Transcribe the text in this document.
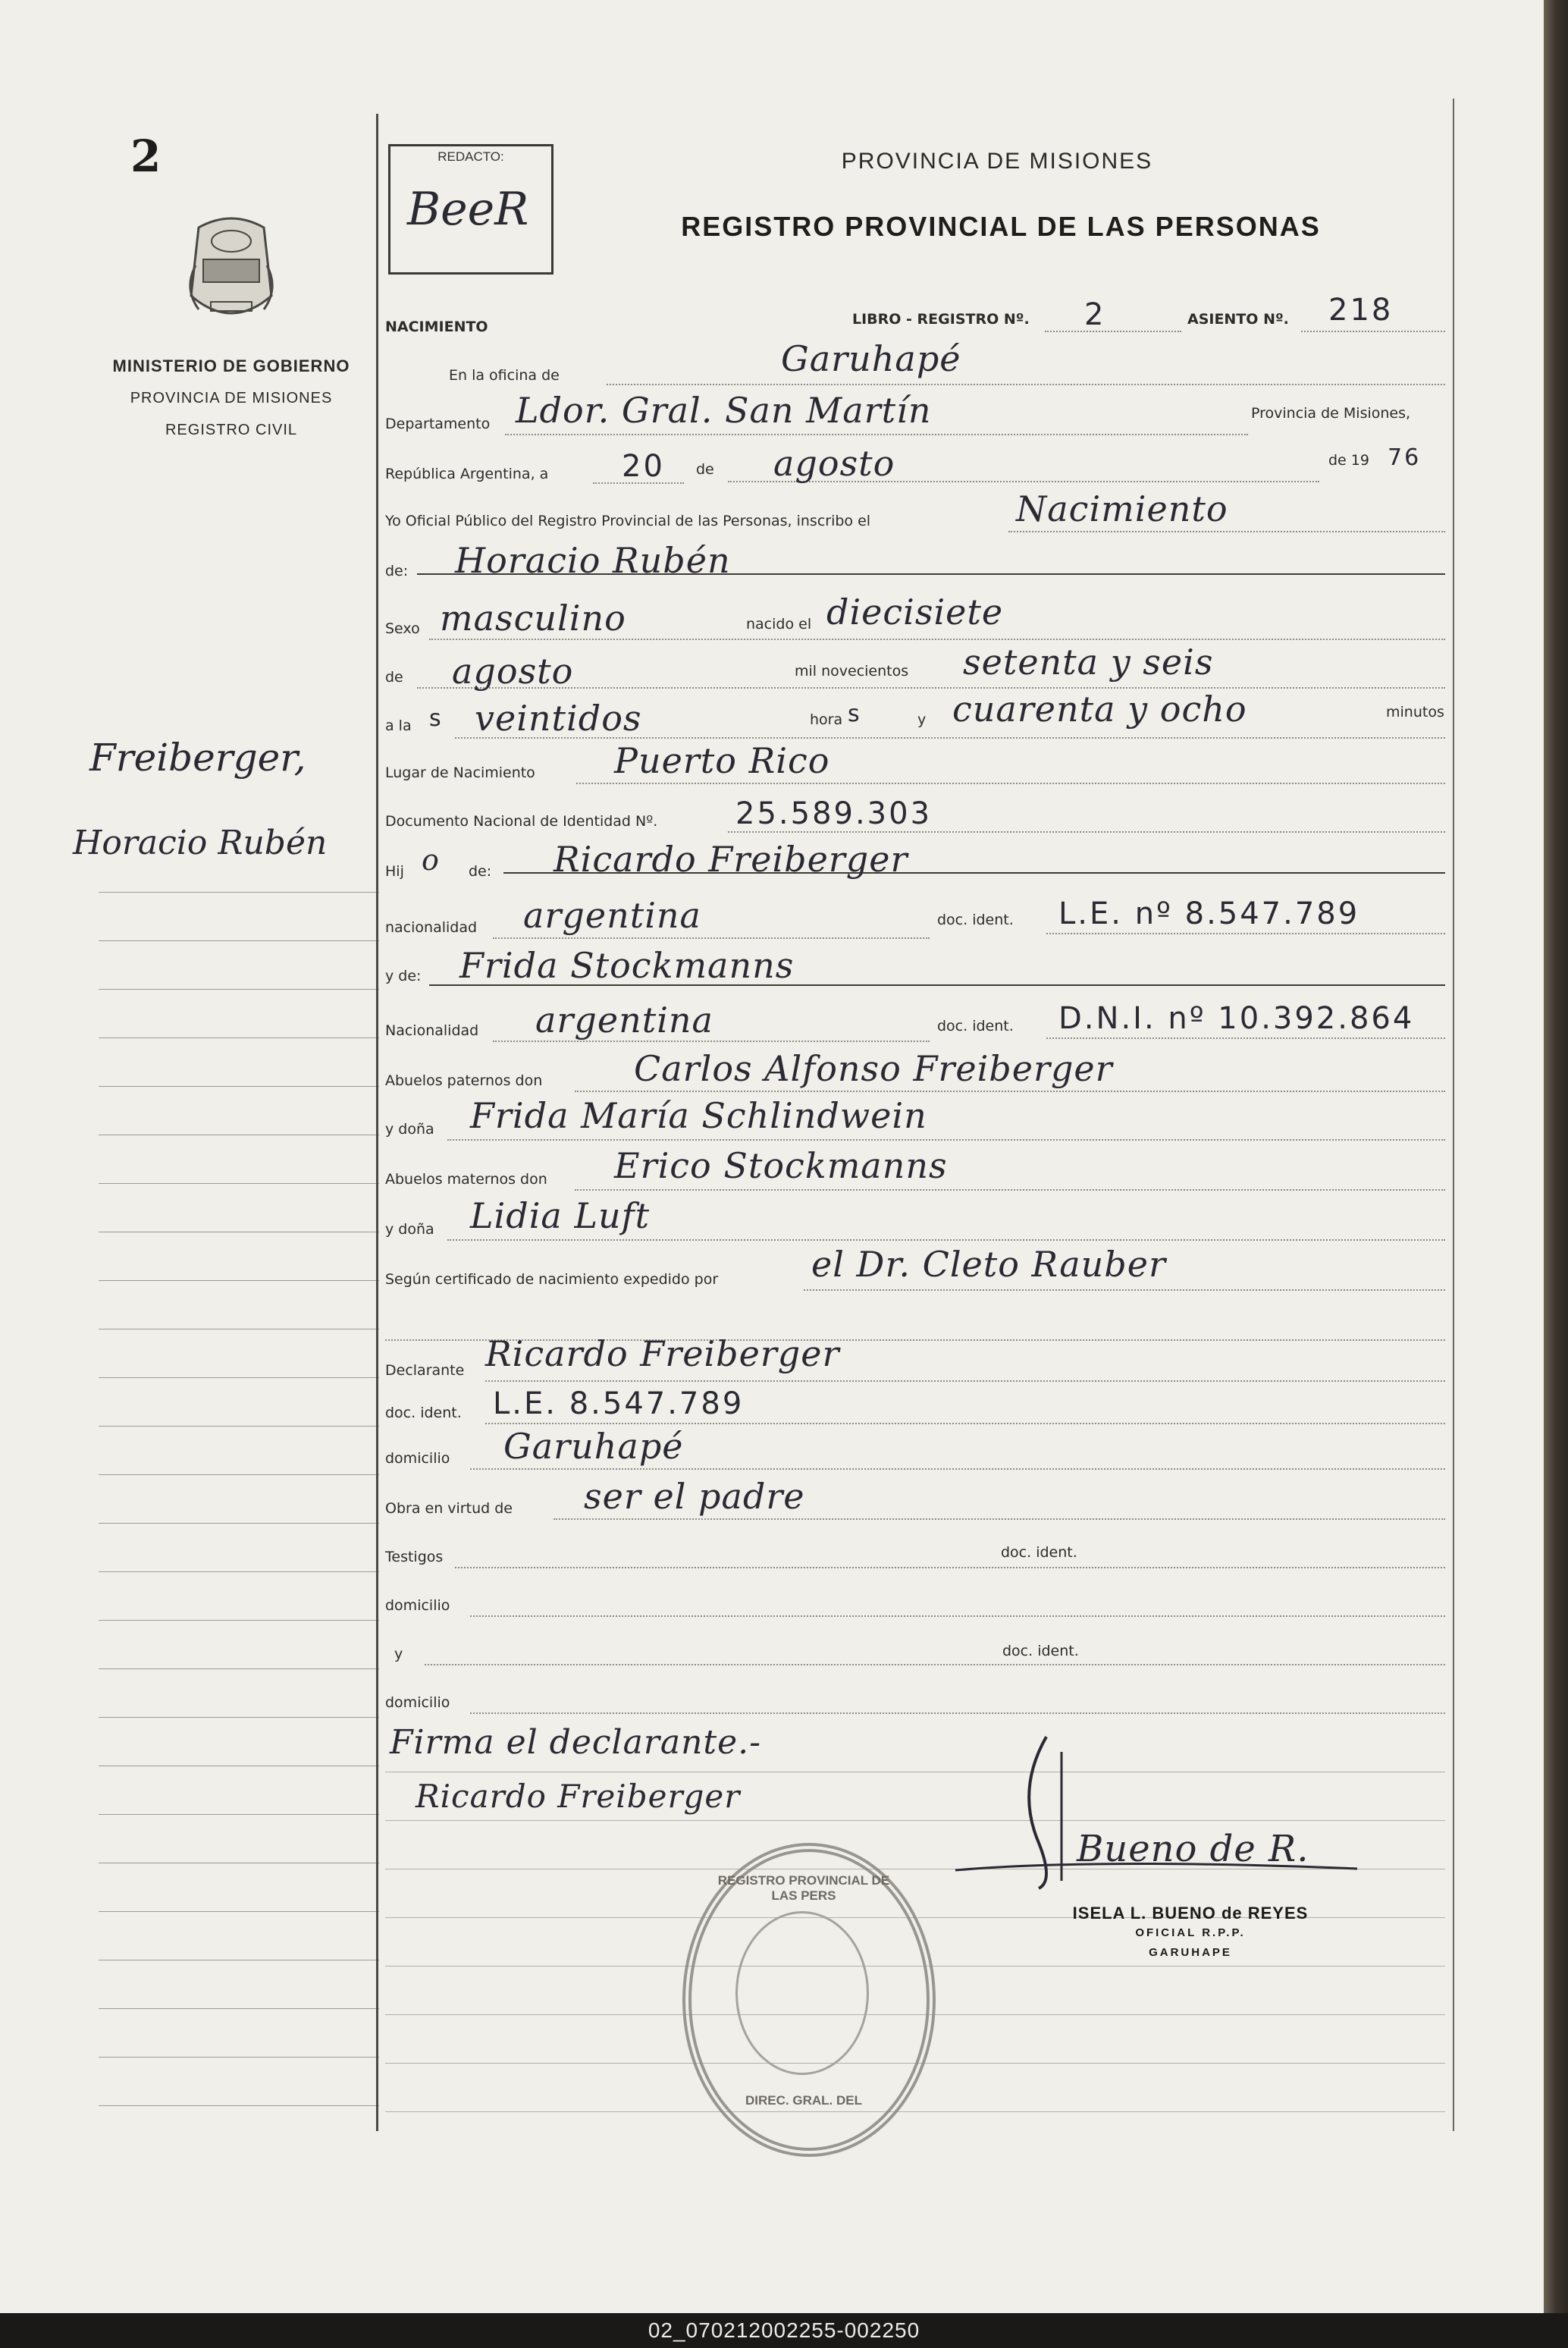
2
MINISTERIO DE GOBIERNO
PROVINCIA DE MISIONES
REGISTRO CIVIL
REDACTO:
BeeR
PROVINCIA DE MISIONES
REGISTRO PROVINCIAL DE LAS PERSONAS
Freiberger,
Horacio Rubén
NACIMIENTO	LIBRO - REGISTRO Nº. 2	ASIENTO Nº. 218
En la oficina de	Garuhapé
Departamento Ldor. Gral. San Martín	Provincia de Misiones,
República Argentina, a 20 de agosto	de 19 76
Yo Oficial Público del Registro Provincial de las Personas, inscribo el	Nacimiento
de: Horacio Rubén
Sexo masculino	nacido el diecisiete
de agosto	mil novecientos setenta y seis
a la s veintidos	hora s	y cuarenta y ocho	minutos
Lugar de Nacimiento Puerto Rico
Documento Nacional de Identidad Nº.	25.589.303
Hij o de: Ricardo Freiberger
nacionalidad argentina	doc. ident. L.E. nº 8.547.789
y de: Frida Stockmanns
Nacionalidad argentina	doc. ident. D.N.I. nº 10.392.864
Abuelos paternos don	Carlos Alfonso Freiberger
y doña Frida María Schlindwein
Abuelos maternos don Erico Stockmanns
y doña Lidia Luft
Según certificado de nacimiento expedido por	el Dr. Cleto Rauber
Declarante Ricardo Freiberger
doc. ident. L.E. 8.547.789
domicilio Garuhapé
Obra en virtud de ser el padre
Testigos	doc. ident.
domicilio
y	doc. ident.
domicilio
Firma el declarante.-
Ricardo Freiberger
REGISTRO PROVINCIAL DE LAS PERS
DIREC. GRAL. DEL
Bueno de R.
ISELA L. BUENO de REYES
OFICIAL R.P.P.
GARUHAPE
02_070212002255-002250
